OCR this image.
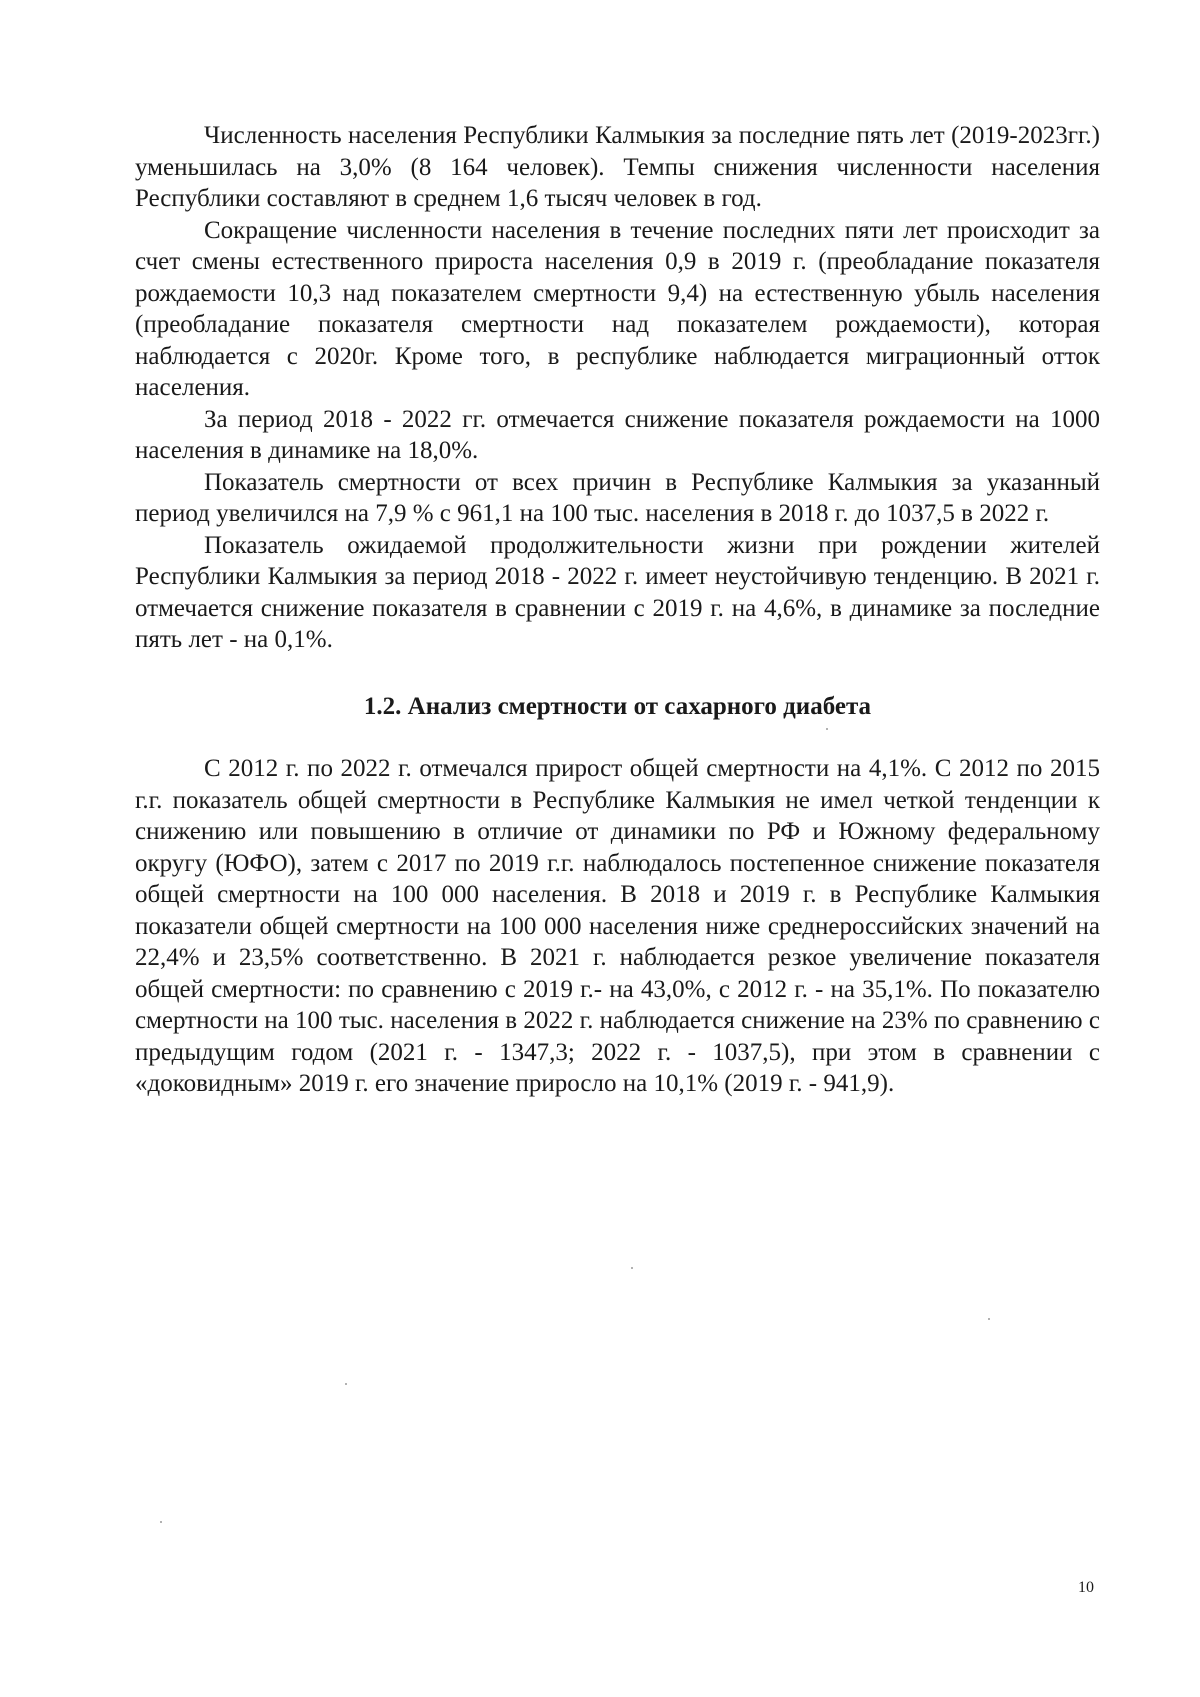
Численность населения Республики Калмыкия за последние пять лет (2019-2023гг.) уменьшилась на 3,0% (8 164 человек). Темпы снижения численности населения Республики составляют в среднем 1,6 тысяч человек в год.

Сокращение численности населения в течение последних пяти лет происходит за счет смены естественного прироста населения 0,9 в 2019 г. (преобладание показателя рождаемости 10,3 над показателем смертности 9,4) на естественную убыль населения (преобладание показателя смертности над показателем рождаемости), которая наблюдается с 2020г. Кроме того, в республике наблюдается миграционный отток населения.

За период 2018 - 2022 гг. отмечается снижение показателя рождаемости на 1000 населения в динамике на 18,0%.

Показатель смертности от всех причин в Республике Калмыкия за указанный период увеличился на 7,9 % с 961,1 на 100 тыс. населения в 2018 г. до 1037,5 в 2022 г.

Показатель ожидаемой продолжительности жизни при рождении жителей Республики Калмыкия за период 2018 - 2022 г. имеет неустойчивую тенденцию. В 2021 г. отмечается снижение показателя в сравнении с 2019 г. на 4,6%, в динамике за последние пять лет - на 0,1%.

1.2. Анализ смертности от сахарного диабета

С 2012 г. по 2022 г. отмечался прирост общей смертности на 4,1%. С 2012 по 2015 г.г. показатель общей смертности в Республике Калмыкия не имел четкой тенденции к снижению или повышению в отличие от динамики по РФ и Южному федеральному округу (ЮФО), затем с 2017 по 2019 г.г. наблюдалось постепенное снижение показателя общей смертности на 100 000 населения. В 2018 и 2019 г. в Республике Калмыкия показатели общей смертности на 100 000 населения ниже среднероссийских значений на 22,4% и 23,5% соответственно. В 2021 г. наблюдается резкое увеличение показателя общей смертности: по сравнению с 2019 г.- на 43,0%, с 2012 г. - на 35,1%. По показателю смертности на 100 тыс. населения в 2022 г. наблюдается снижение на 23% по сравнению с предыдущим годом (2021 г. - 1347,3; 2022 г. - 1037,5), при этом в сравнении с «доковидным» 2019 г. его значение приросло на 10,1% (2019 г. - 941,9).

10
